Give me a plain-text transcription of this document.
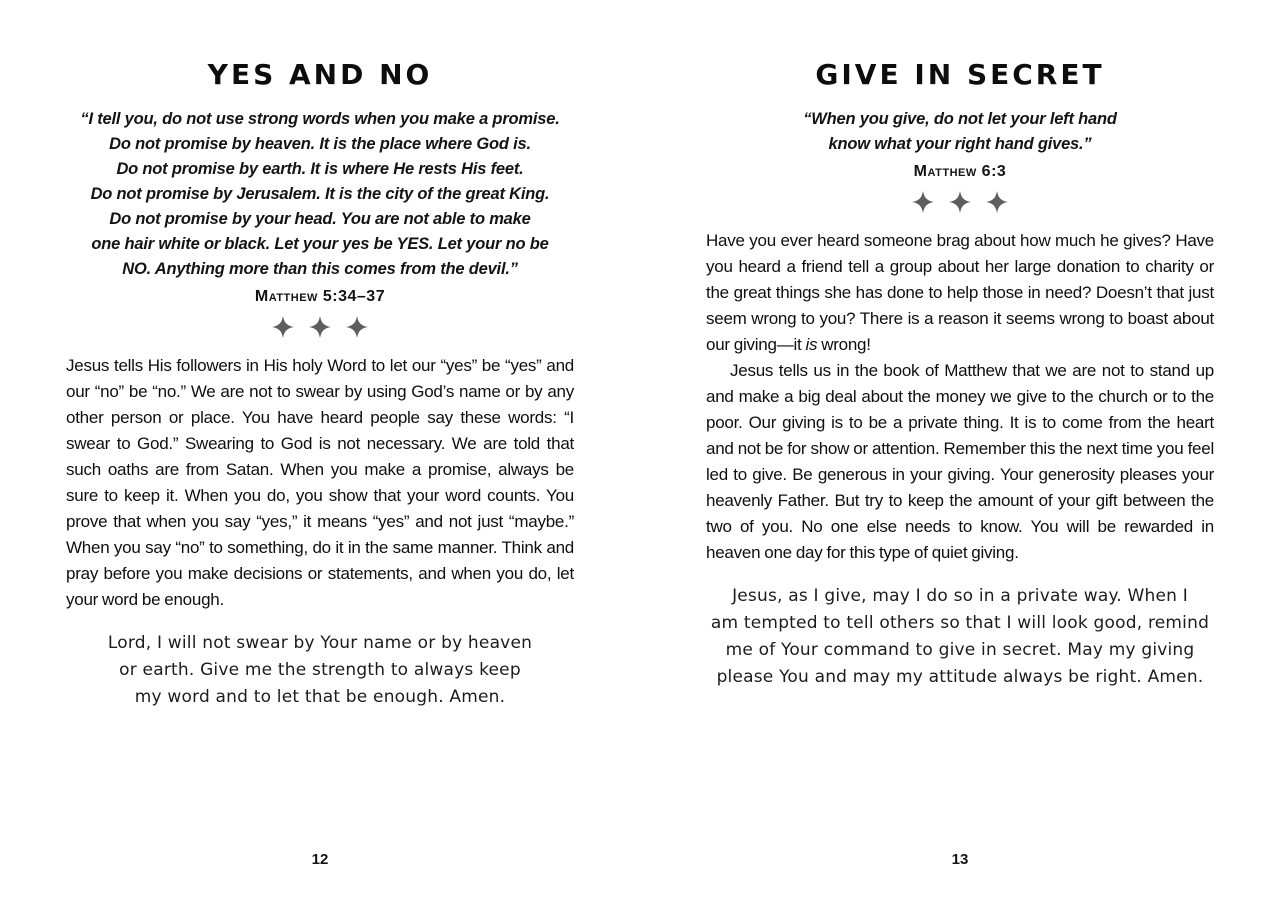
YES AND NO
“I tell you, do not use strong words when you make a promise.
Do not promise by heaven. It is the place where God is.
Do not promise by earth. It is where He rests His feet.
Do not promise by Jerusalem. It is the city of the great King.
Do not promise by your head. You are not able to make
one hair white or black. Let your yes be YES. Let your no be
NO. Anything more than this comes from the devil.”
Matthew 5:34–37

Jesus tells His followers in His holy Word to let our “yes” be “yes” and our “no” be “no.” We are not to swear by using God’s name or by any other person or place. You have heard people say these words: “I swear to God.” Swearing to God is not necessary. We are told that such oaths are from Satan. When you make a promise, always be sure to keep it. When you do, you show that your word counts. You prove that when you say “yes,” it means “yes” and not just “maybe.” When you say “no” to something, do it in the same manner. Think and pray before you make decisions or statements, and when you do, let your word be enough.

Lord, I will not swear by Your name or by heaven
or earth. Give me the strength to always keep
my word and to let that be enough. Amen.
12
GIVE IN SECRET
“When you give, do not let your left hand
know what your right hand gives.”
Matthew 6:3

Have you ever heard someone brag about how much he gives? Have you heard a friend tell a group about her large donation to charity or the great things she has done to help those in need? Doesn’t that just seem wrong to you? There is a reason it seems wrong to boast about our giving—it is wrong!

Jesus tells us in the book of Matthew that we are not to stand up and make a big deal about the money we give to the church or to the poor. Our giving is to be a private thing. It is to come from the heart and not be for show or attention. Remember this the next time you feel led to give. Be generous in your giving. Your generosity pleases your heavenly Father. But try to keep the amount of your gift between the two of you. No one else needs to know. You will be rewarded in heaven one day for this type of quiet giving.

Jesus, as I give, may I do so in a private way. When I
am tempted to tell others so that I will look good, remind
me of Your command to give in secret. May my giving
please You and may my attitude always be right. Amen.
13
